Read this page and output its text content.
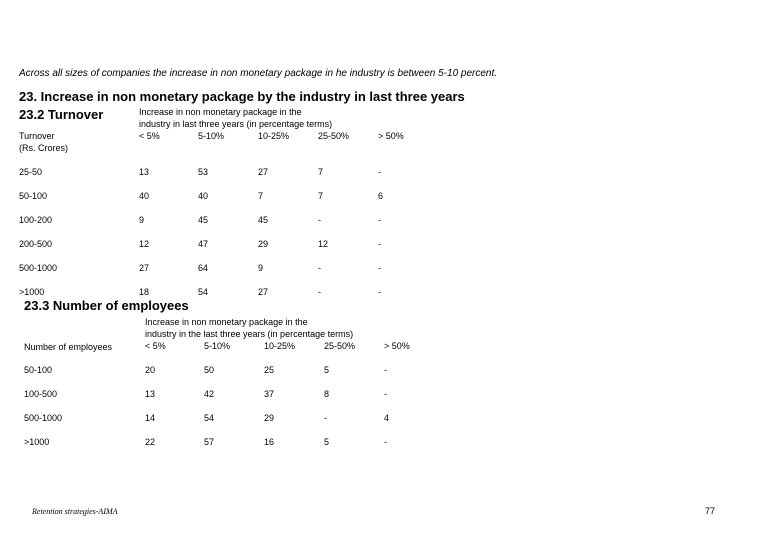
Across all sizes of companies the increase in non monetary package in he industry is between 5-10 percent.
23. Increase in non monetary package by the industry in last three years
23.2 Turnover	Increase in non monetary package in the
industry in last three years (in percentage terms)
Turnover
(Rs. Crores)
< 5%	5-10%	10-25%	25-50%	> 50%
25-50	13	53	27	7	-
50-100	40	40	7	7	6
100-200	9	45	45	-	-
200-500	12	47	29	12	-
500-1000	27	64	9	-	-
>1000	18	54	27	-	-
23.3 Number of employees
Increase in non monetary package in the
industry in the last three years (in percentage terms)
Number of employees	< 5%	5-10%	10-25%	25-50%	> 50%
50-100	20	50	25	5	-
100-500	13	42	37	8	-
500-1000	14	54	29	-	4
>1000	22	57	16	5	-
Retention strategies-AIMA	77
